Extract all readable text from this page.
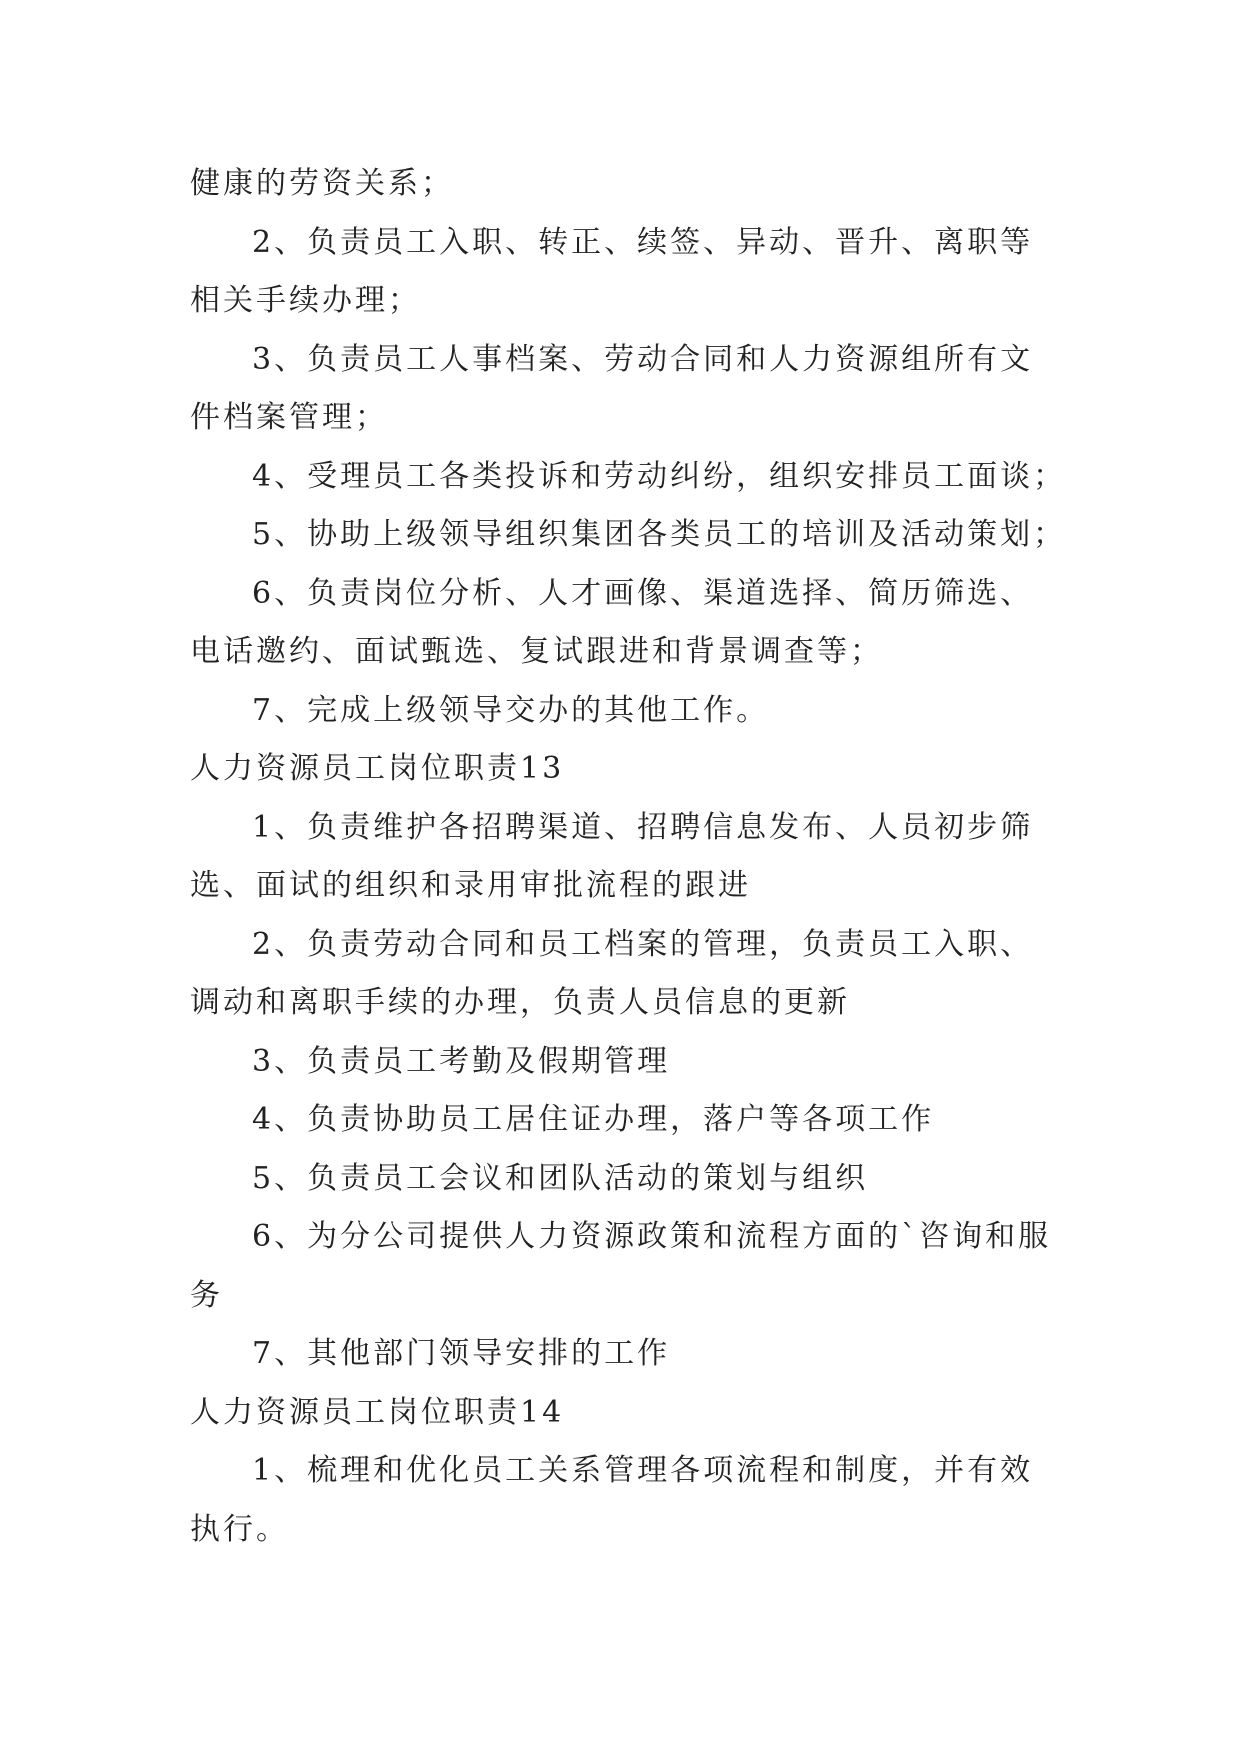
健康的劳资关系；
2、负责员工入职、转正、续签、异动、晋升、离职等
相关手续办理；
3、负责员工人事档案、劳动合同和人力资源组所有文
件档案管理；
4、受理员工各类投诉和劳动纠纷，组织安排员工面谈；
5、协助上级领导组织集团各类员工的培训及活动策划；
6、负责岗位分析、人才画像、渠道选择、简历筛选、
电话邀约、面试甄选、复试跟进和背景调查等；
7、完成上级领导交办的其他工作。
人力资源员工岗位职责13
1、负责维护各招聘渠道、招聘信息发布、人员初步筛
选、面试的组织和录用审批流程的跟进
2、负责劳动合同和员工档案的管理，负责员工入职、
调动和离职手续的办理，负责人员信息的更新
3、负责员工考勤及假期管理
4、负责协助员工居住证办理，落户等各项工作
5、负责员工会议和团队活动的策划与组织
6、为分公司提供人力资源政策和流程方面的`咨询和服
务
7、其他部门领导安排的工作
人力资源员工岗位职责14
1、梳理和优化员工关系管理各项流程和制度，并有效
执行。
